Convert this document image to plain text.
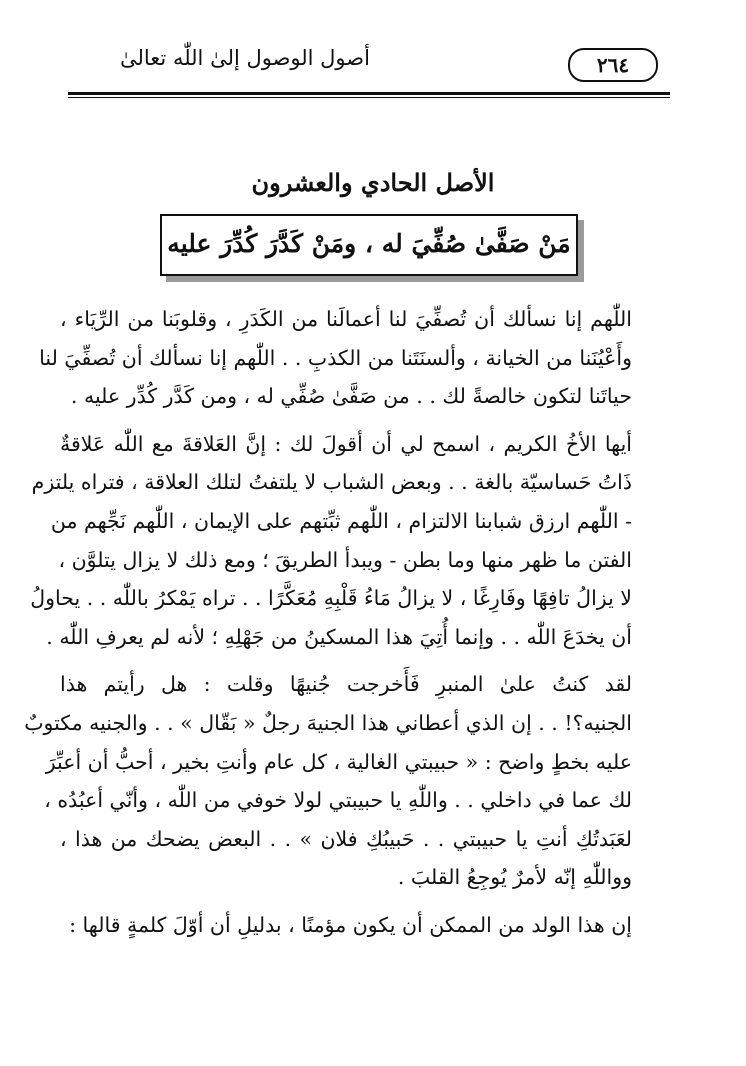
أصول الوصول إلىٰ اللّٰه تعالىٰ	٢٦٤
الأصل الحادي والعشرون
مَنْ صَفَّىٰ صُفِّيَ له ، ومَنْ كَدَّرَ كُدِّرَ عليه

اللّٰهم إنا نسألك أن تُصفِّيَ لنا أعمالَنا من الكَدَرِ ، وقلوبَنا من الرِّيَاء ،
وأَعْيُنَنا من الخيانة ، وألسنَتَنا من الكذبِ . . اللّٰهم إنا نسألك أن تُصفِّيَ لنا
حياتَنا لتكون خالصةً لك . . من صَفَّىٰ صُفِّي له ، ومن كَدَّر كُدِّر عليه .

أيها الأخُ الكريم ، اسمح لي أن أقولَ لك : إنَّ العَلاقةَ مع اللّٰه عَلاقةٌ
ذَاتُ حَساسيّة بالغة . . وبعض الشباب لا يلتفتُ لتلك العلاقة ، فتراه يلتزم
- اللّٰهم ارزق شبابنا الالتزام ، اللّٰهم ثبِّتهم على الإيمان ، اللّٰهم نَجِّهم من
الفتن ما ظهر منها وما بطن - ويبدأ الطريقَ ؛ ومع ذلك لا يزال يتلوَّن ،
لا يزالُ تافِهًا وفَارِغًا ، لا يزالُ مَاءُ قَلْبِهِ مُعَكَّرًا . . تراه يَمْكرُ باللّٰه . . يحاولُ
أن يخدَعَ اللّٰه . . وإنما أُتِيَ هذا المسكينُ من جَهْلِهِ ؛ لأنه لم يعرفِ اللّٰه .

لقد كنتُ علىٰ المنبرِ فَأَخرجت جُنيهًا وقلت : هل رأيتم هذا
الجنيه؟! . . إن الذي أعطاني هذا الجنيهَ رجلٌ « بَقّال » . . والجنيه مكتوبٌ
عليه بخطٍ واضح : « حبيبتي الغالية ، كل عام وأنتِ بخير ، أحبُّ أن أعبِّرَ
لك عما في داخلي . . واللّٰهِ يا حبيبتي لولا خوفي من اللّٰه ، وأنّي أعبُدُه ،
لعَبَدتُكِ أنتِ يا حبيبتي . . حَبيبُكِ فلان » . . البعض يضحك من هذا ،
وواللّٰهِ إنّه لأمرٌ يُوجِعُ القلبَ .

إن هذا الولد من الممكن أن يكون مؤمنًا ، بدليلِ أن أوّلَ كلمةٍ قالها :
